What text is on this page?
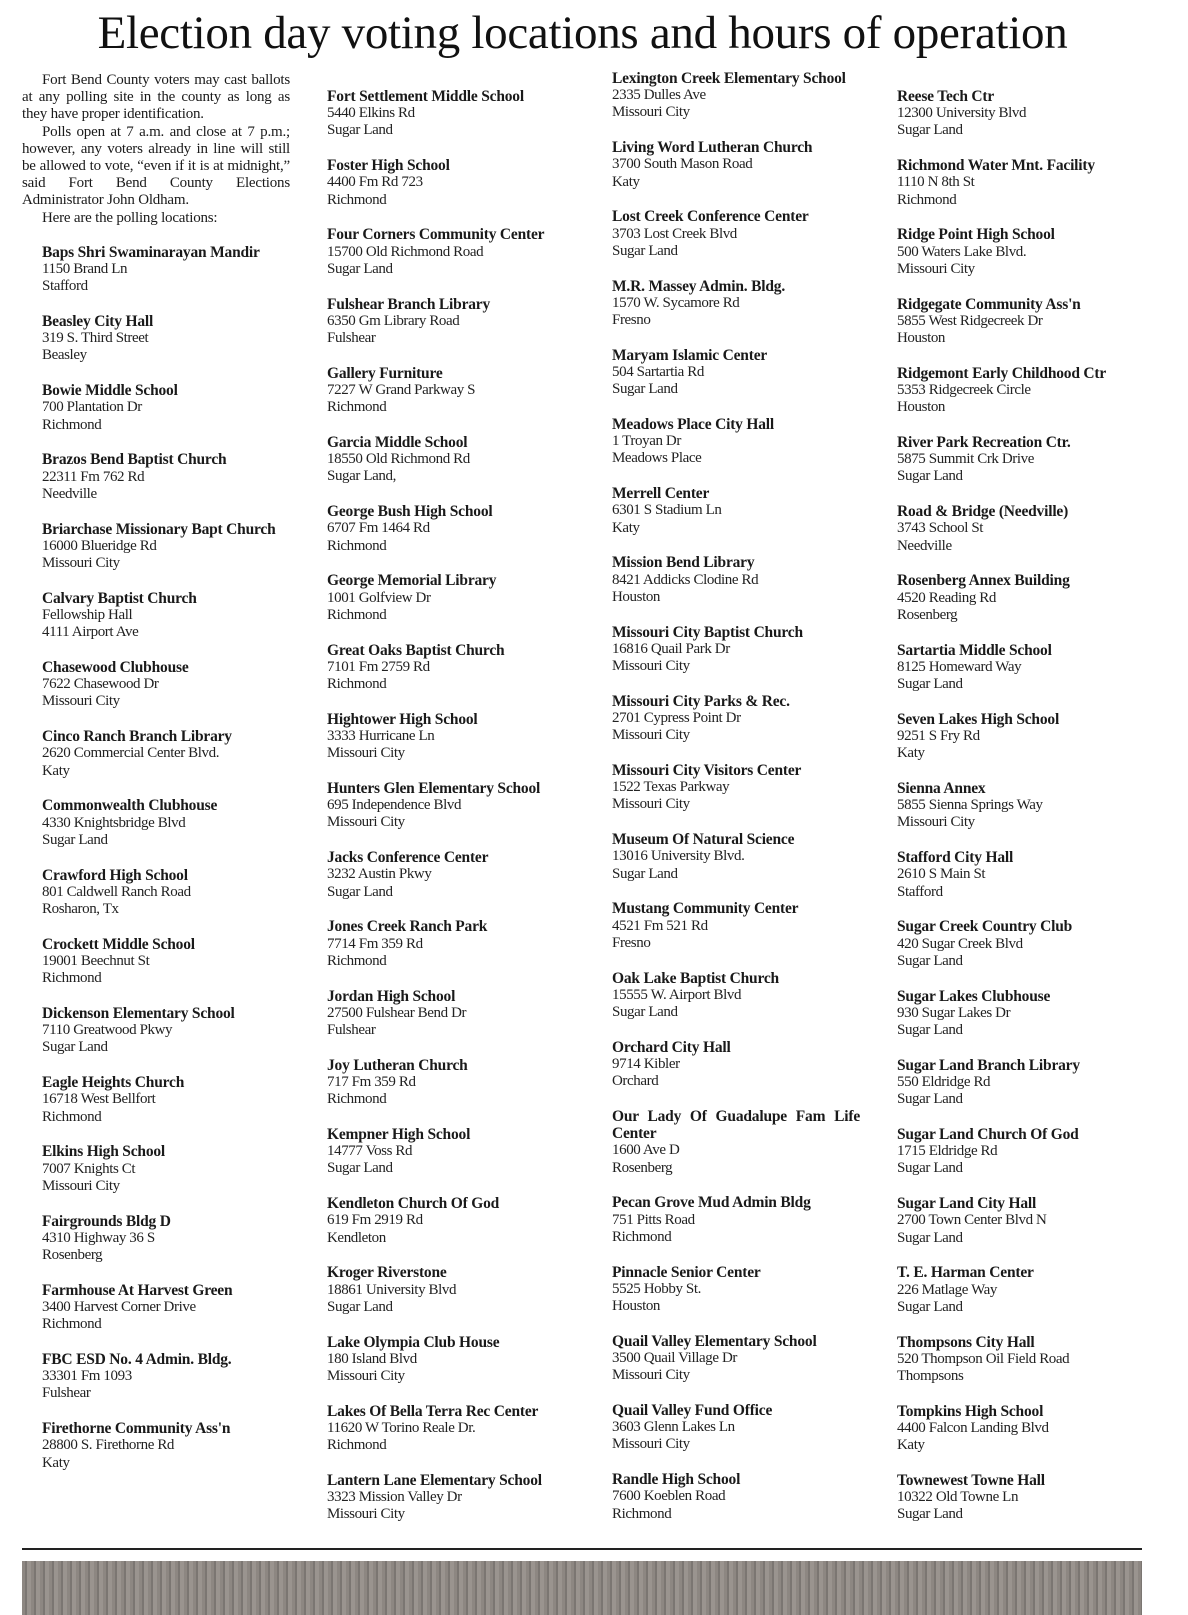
Election day voting locations and hours of operation

Fort Bend County voters may cast ballots at any polling site in the county as long as they have proper identification.

Polls open at 7 a.m. and close at 7 p.m.; however, any voters already in line will still be allowed to vote, “even if it is at midnight,” said Fort Bend County Elections Administrator John Oldham.

Here are the polling locations:

Baps Shri Swaminarayan Mandir
1150 Brand Ln
Stafford
Beasley City Hall
319 S. Third Street
Beasley
Bowie Middle School
700 Plantation Dr
Richmond
Brazos Bend Baptist Church
22311 Fm 762 Rd
Needville
Briarchase Missionary Bapt Church
16000 Blueridge Rd
Missouri City
Calvary Baptist Church
Fellowship Hall
4111 Airport Ave
Chasewood Clubhouse
7622 Chasewood Dr
Missouri City
Cinco Ranch Branch Library
2620 Commercial Center Blvd.
Katy
Commonwealth Clubhouse
4330 Knightsbridge Blvd
Sugar Land
Crawford High School
801 Caldwell Ranch Road
Rosharon, Tx
Crockett Middle School
19001 Beechnut St
Richmond
Dickenson Elementary School
7110 Greatwood Pkwy
Sugar Land
Eagle Heights Church
16718 West Bellfort
Richmond
Elkins High School
7007 Knights Ct
Missouri City
Fairgrounds Bldg D
4310 Highway 36 S
Rosenberg
Farmhouse At Harvest Green
3400 Harvest Corner Drive
Richmond
FBC ESD No. 4 Admin. Bldg.
33301 Fm 1093
Fulshear
Firethorne Community Ass'n
28800 S. Firethorne Rd
Katy
Fort Settlement Middle School
5440 Elkins Rd
Sugar Land
Foster High School
4400 Fm Rd 723
Richmond
Four Corners Community Center
15700 Old Richmond Road
Sugar Land
Fulshear Branch Library
6350 Gm Library Road
Fulshear
Gallery Furniture
7227 W Grand Parkway S
Richmond
Garcia Middle School
18550 Old Richmond Rd
Sugar Land,
George Bush High School
6707 Fm 1464 Rd
Richmond
George Memorial Library
1001 Golfview Dr
Richmond
Great Oaks Baptist Church
7101 Fm 2759 Rd
Richmond
Hightower High School
3333 Hurricane Ln
Missouri City
Hunters Glen Elementary School
695 Independence Blvd
Missouri City
Jacks Conference Center
3232 Austin Pkwy
Sugar Land
Jones Creek Ranch Park
7714 Fm 359 Rd
Richmond
Jordan High School
27500 Fulshear Bend Dr
Fulshear
Joy Lutheran Church
717 Fm 359 Rd
Richmond
Kempner High School
14777 Voss Rd
Sugar Land
Kendleton Church Of God
619 Fm 2919 Rd
Kendleton
Kroger Riverstone
18861 University Blvd
Sugar Land
Lake Olympia Club House
180 Island Blvd
Missouri City
Lakes Of Bella Terra Rec Center
11620 W Torino Reale Dr.
Richmond
Lantern Lane Elementary School
3323 Mission Valley Dr
Missouri City
Lexington Creek Elementary School
2335 Dulles Ave
Missouri City
Living Word Lutheran Church
3700 South Mason Road
Katy
Lost Creek Conference Center
3703 Lost Creek Blvd
Sugar Land
M.R. Massey Admin. Bldg.
1570 W. Sycamore Rd
Fresno
Maryam Islamic Center
504 Sartartia Rd
Sugar Land
Meadows Place City Hall
1 Troyan Dr
Meadows Place
Merrell Center
6301 S Stadium Ln
Katy
Mission Bend Library
8421 Addicks Clodine Rd
Houston
Missouri City Baptist Church
16816 Quail Park Dr
Missouri City
Missouri City Parks & Rec.
2701 Cypress Point Dr
Missouri City
Missouri City Visitors Center
1522 Texas Parkway
Missouri City
Museum Of Natural Science
13016 University Blvd.
Sugar Land
Mustang Community Center
4521 Fm 521 Rd
Fresno
Oak Lake Baptist Church
15555 W. Airport Blvd
Sugar Land
Orchard City Hall
9714 Kibler
Orchard
Our Lady Of Guadalupe Fam Life Center
1600 Ave D
Rosenberg
Pecan Grove Mud Admin Bldg
751 Pitts Road
Richmond
Pinnacle Senior Center
5525 Hobby St.
Houston
Quail Valley Elementary School
3500 Quail Village Dr
Missouri City
Quail Valley Fund Office
3603 Glenn Lakes Ln
Missouri City
Randle High School
7600 Koeblen Road
Richmond
Reese Tech Ctr
12300 University Blvd
Sugar Land
Richmond Water Mnt. Facility
1110 N 8th St
Richmond
Ridge Point High School
500 Waters Lake Blvd.
Missouri City
Ridgegate Community Ass'n
5855 West Ridgecreek Dr
Houston
Ridgemont Early Childhood Ctr
5353 Ridgecreek Circle
Houston
River Park Recreation Ctr.
5875 Summit Crk Drive
Sugar Land
Road & Bridge (Needville)
3743 School St
Needville
Rosenberg Annex Building
4520 Reading Rd
Rosenberg
Sartartia Middle School
8125 Homeward Way
Sugar Land
Seven Lakes High School
9251 S Fry Rd
Katy
Sienna Annex
5855 Sienna Springs Way
Missouri City
Stafford City Hall
2610 S Main St
Stafford
Sugar Creek Country Club
420 Sugar Creek Blvd
Sugar Land
Sugar Lakes Clubhouse
930 Sugar Lakes Dr
Sugar Land
Sugar Land Branch Library
550 Eldridge Rd
Sugar Land
Sugar Land Church Of God
1715 Eldridge Rd
Sugar Land
Sugar Land City Hall
2700 Town Center Blvd N
Sugar Land
T. E. Harman Center
226 Matlage Way
Sugar Land
Thompsons City Hall
520 Thompson Oil Field Road
Thompsons
Tompkins High School
4400 Falcon Landing Blvd
Katy
Townewest Towne Hall
10322 Old Towne Ln
Sugar Land
